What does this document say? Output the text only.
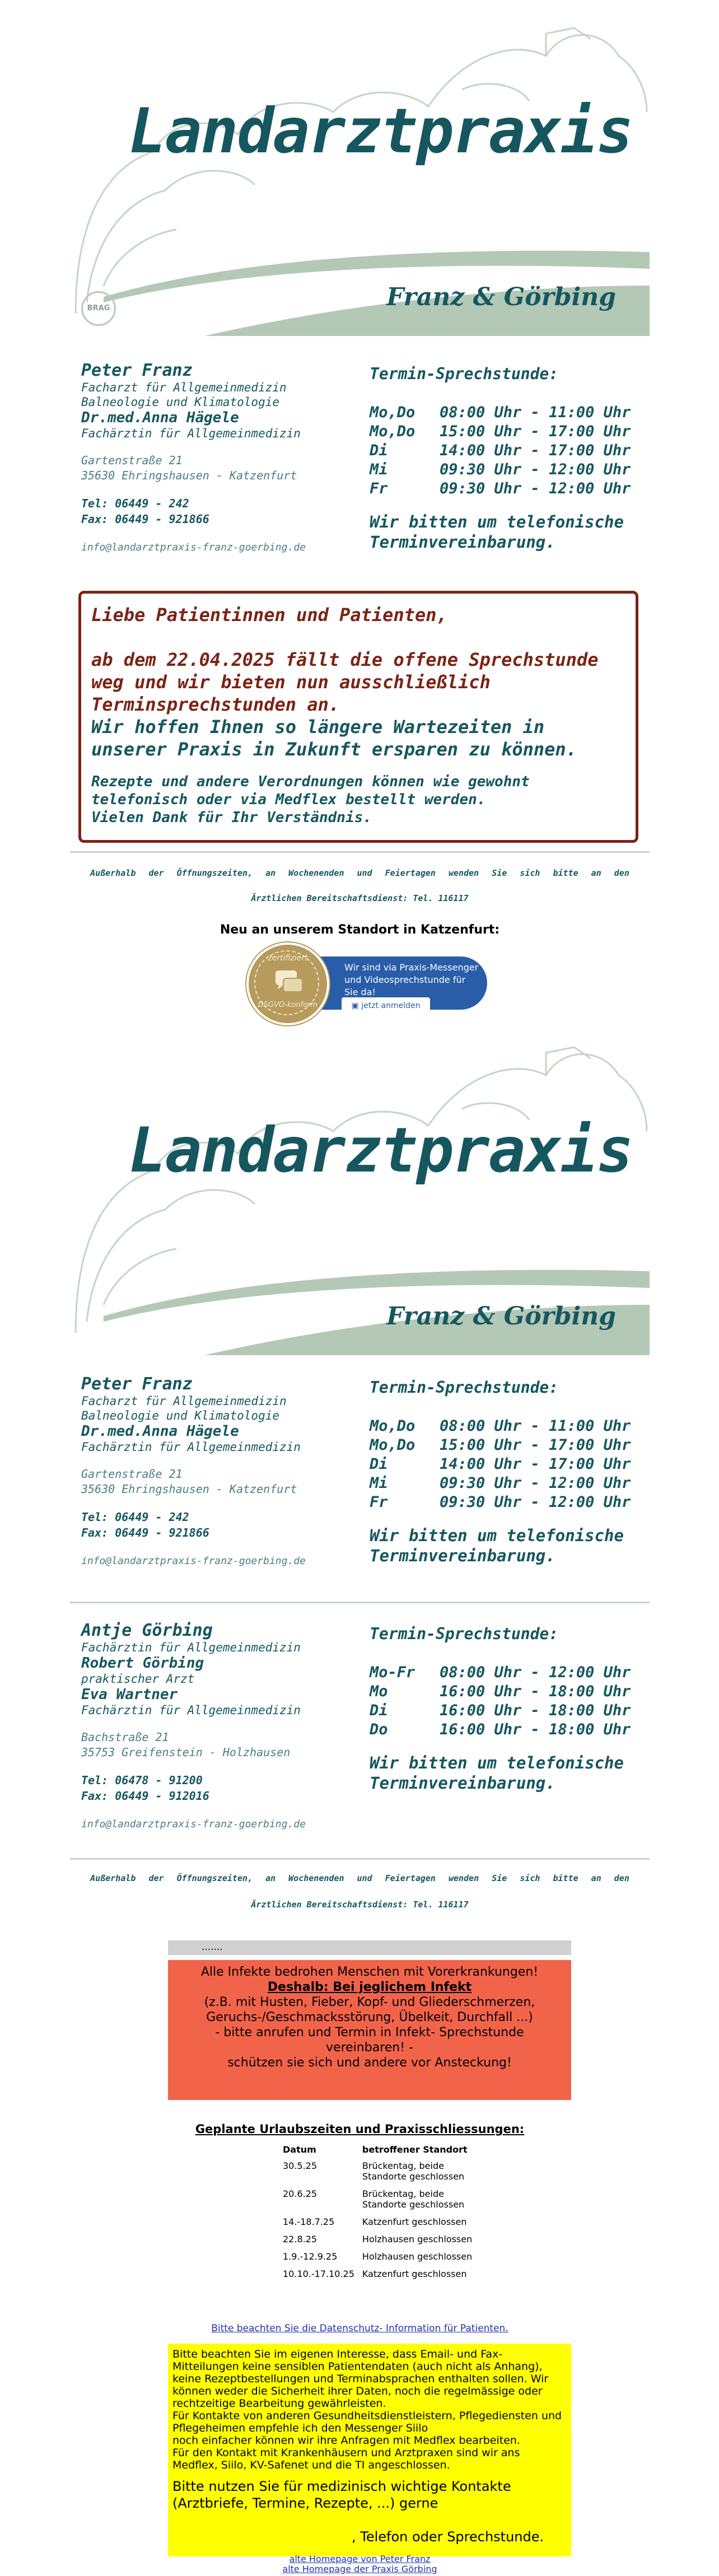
Landarztpraxis
Franz & Görbing
BRAG
Peter Franz
Facharzt für Allgemeinmedizin
Balneologie und Klimatologie
Dr.med.Anna Hägele
Fachärztin für Allgemeinmedizin
Gartenstraße 21
35630 Ehringshausen - Katzenfurt
Tel: 06449 - 242
Fax: 06449 - 921866
info@landarztpraxis-franz-goerbing.de
Termin-Sprechstunde:
Mo,Do	08:00 Uhr - 11:00 Uhr
Mo,Do	15:00 Uhr - 17:00 Uhr
Di	14:00 Uhr - 17:00 Uhr
Mi	09:30 Uhr - 12:00 Uhr
Fr	09:30 Uhr - 12:00 Uhr
Wir bitten um telefonische
Terminvereinbarung.
Liebe Patientinnen und Patienten,
ab dem 22.04.2025 fällt die offene Sprechstunde
weg und wir bieten nun ausschließlich
Terminsprechstunden an.
Wir hoffen Ihnen so längere Wartezeiten in
unserer Praxis in Zukunft ersparen zu können.
Rezepte und andere Verordnungen können wie gewohnt
telefonisch oder via Medflex bestellt werden.
Vielen Dank für Ihr Verständnis.
Außerhalb der Öffnungszeiten, an Wochenenden und Feiertagen wenden Sie sich bitte an den
Ärztlichen Bereitschaftsdienst: Tel. 116117
Neu an unserem Standort in Katzenfurt:
zertifiziert
DSGVO-konform
Wir sind via Praxis-Messenger und Videosprechstunde für Sie da!
▣ jetzt anmelden
Landarztpraxis
Franz & Görbing
Peter Franz
Facharzt für Allgemeinmedizin
Balneologie und Klimatologie
Dr.med.Anna Hägele
Fachärztin für Allgemeinmedizin
Gartenstraße 21
35630 Ehringshausen - Katzenfurt
Tel: 06449 - 242
Fax: 06449 - 921866
info@landarztpraxis-franz-goerbing.de
Termin-Sprechstunde:
Mo,Do	08:00 Uhr - 11:00 Uhr
Mo,Do	15:00 Uhr - 17:00 Uhr
Di	14:00 Uhr - 17:00 Uhr
Mi	09:30 Uhr - 12:00 Uhr
Fr	09:30 Uhr - 12:00 Uhr
Wir bitten um telefonische
Terminvereinbarung.
Antje Görbing
Fachärztin für Allgemeinmedizin
Robert Görbing
praktischer Arzt
Eva Wartner
Fachärztin für Allgemeinmedizin
Bachstraße 21
35753 Greifenstein - Holzhausen
Tel: 06478 - 91200
Fax: 06449 - 912016
info@landarztpraxis-franz-goerbing.de
Termin-Sprechstunde:
Mo-Fr	08:00 Uhr - 12:00 Uhr
Mo	16:00 Uhr - 18:00 Uhr
Di	16:00 Uhr - 18:00 Uhr
Do	16:00 Uhr - 18:00 Uhr
Wir bitten um telefonische
Terminvereinbarung.
Außerhalb der Öffnungszeiten, an Wochenenden und Feiertagen wenden Sie sich bitte an den
Ärztlichen Bereitschaftsdienst: Tel. 116117
.......
Alle Infekte bedrohen Menschen mit Vorerkrankungen!
Deshalb: Bei jeglichem Infekt
(z.B. mit Husten, Fieber, Kopf- und Gliederschmerzen,
Geruchs-/Geschmacksstörung, Übelkeit, Durchfall ...)
- bitte anrufen und Termin in Infekt- Sprechstunde
vereinbaren! -
schützen sie sich und andere vor Ansteckung!
Geplante Urlaubszeiten und Praxisschliessungen:
Datum	betroffener Standort
30.5.25	Brückentag, beide Standorte geschlossen
20.6.25	Brückentag, beide Standorte geschlossen
14.-18.7.25	Katzenfurt geschlossen
22.8.25	Holzhausen geschlossen
1.9.-12.9.25	Holzhausen geschlossen
10.10.-17.10.25	Katzenfurt geschlossen
Bitte beachten Sie die Datenschutz- Information für Patienten.
Bitte beachten Sie im eigenen Interesse, dass Email- und Fax-Mitteilungen keine sensiblen Patientendaten (auch nicht als Anhang), keine Rezeptbestellungen und Terminabsprachen enthalten sollen. Wir können weder die Sicherheit ihrer Daten, noch die regelmässige oder rechtzeitige Bearbeitung gewährleisten.
Für Kontakte von anderen Gesundheitsdienstleistern, Pflegediensten und Pflegeheimen empfehle ich den Messenger Siilo
noch einfacher können wir ihre Anfragen mit Medflex bearbeiten.
Für den Kontakt mit Krankenhäusern und Arztpraxen sind wir ans Medflex, Siilo, KV-Safenet und die TI angeschlossen.
Bitte nutzen Sie für medizinisch wichtige Kontakte (Arztbriefe, Termine, Rezepte, ...) gerne
, Telefon oder Sprechstunde.
alte Homepage von Peter Franz
alte Homepage der Praxis Görbing
